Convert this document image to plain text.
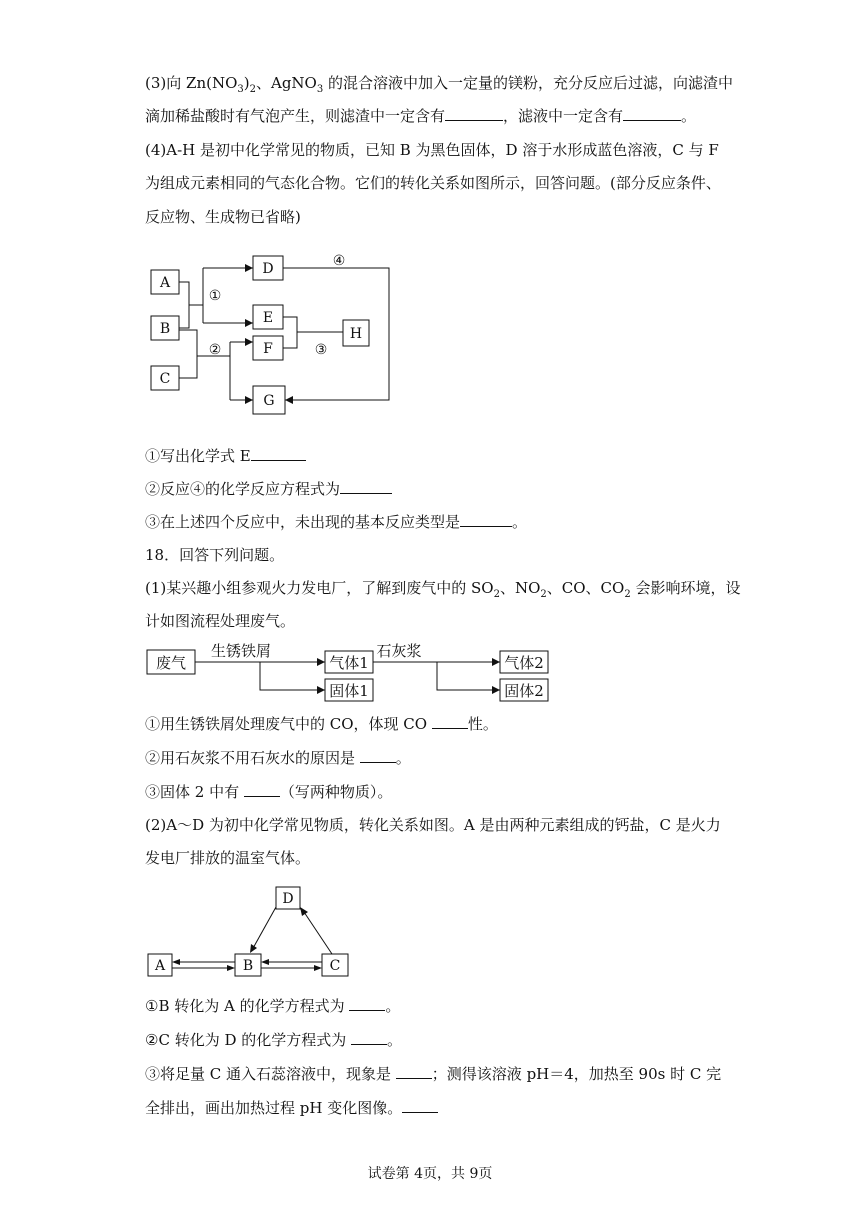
(3)向 $Zn(NO_3)_2$、AgNO$_3$ 的混合溶液中加入一定量的镁粉，充分反应后过滤，向滤渣中
滴加稀盐酸时有气泡产生，则滤渣中一定含有	，滤液中一定含有	。
(4)A-H 是初中化学常见的物质，已知 B 为黑色固体，D 溶于水形成蓝色溶液，C 与 F
为组成元素相同的气态化合物。它们的转化关系如图所示，回答问题。(部分反应条件、
反应物、生成物已省略)
A
B
C
D
E
F
G
H
①
②	③
④
①写出化学式 E
②反应④的化学反应方程式为
③在上述四个反应中，未出现的基本反应类型是	。
18．回答下列问题。
(1)某兴趣小组参观火力发电厂，了解到废气中的 $SO_2$、$NO_2$、CO、$CO_2$ 会影响环境，设
计如图流程处理废气。
废气	气体1
固体1
气体2
固体2
生锈铁屑	石灰浆
①用生锈铁屑处理废气中的 CO，体现 CO 性。
②用石灰浆不用石灰水的原因是 。
③固体 2 中有 （写两种物质）。
(2)A～D 为初中化学常见物质，转化关系如图。A 是由两种元素组成的钙盐，C 是火力
发电厂排放的温室气体。
D
A	B	C
①B 转化为 A 的化学方程式为 。
②C 转化为 D 的化学方程式为 。
③将足量 C 通入石蕊溶液中，现象是 ；测得该溶液 pH＝4，加热至 90s 时 C 完
全排出，画出加热过程 pH 变化图像。
试卷第 4页，共 9页
